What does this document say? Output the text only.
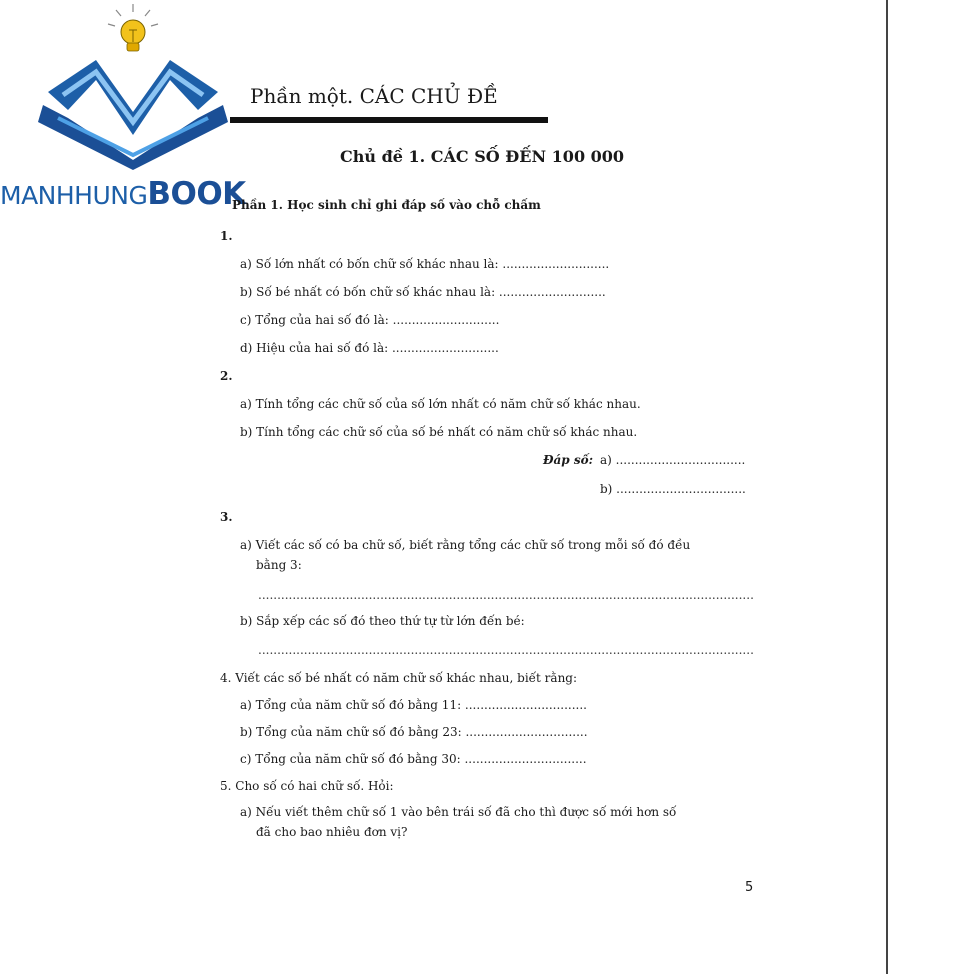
MANHHUNGBOOK
Phần một. CÁC CHỦ ĐỀ
Chủ đề 1. CÁC SỐ ĐẾN 100 000
Phần 1. Học sinh chỉ ghi đáp số vào chỗ chấm
1.
a) Số lớn nhất có bốn chữ số khác nhau là: ............................
b) Số bé nhất có bốn chữ số khác nhau là: ............................
c) Tổng của hai số đó là: ............................
d) Hiệu của hai số đó là: ............................
2.
a) Tính tổng các chữ số của số lớn nhất có năm chữ số khác nhau.
b) Tính tổng các chữ số của số bé nhất có năm chữ số khác nhau.
Đáp số: a) ..................................
b) ..................................
3.
a) Viết các số có ba chữ số, biết rằng tổng các chữ số trong mỗi số đó đều
bằng 3:
..................................................................................................................................
b) Sắp xếp các số đó theo thứ tự từ lớn đến bé:
..................................................................................................................................
4. Viết các số bé nhất có năm chữ số khác nhau, biết rằng:
a) Tổng của năm chữ số đó bằng 11: ................................
b) Tổng của năm chữ số đó bằng 23: ................................
c) Tổng của năm chữ số đó bằng 30: ................................
5. Cho số có hai chữ số. Hỏi:
a) Nếu viết thêm chữ số 1 vào bên trái số đã cho thì được số mới hơn số
đã cho bao nhiêu đơn vị?
5
